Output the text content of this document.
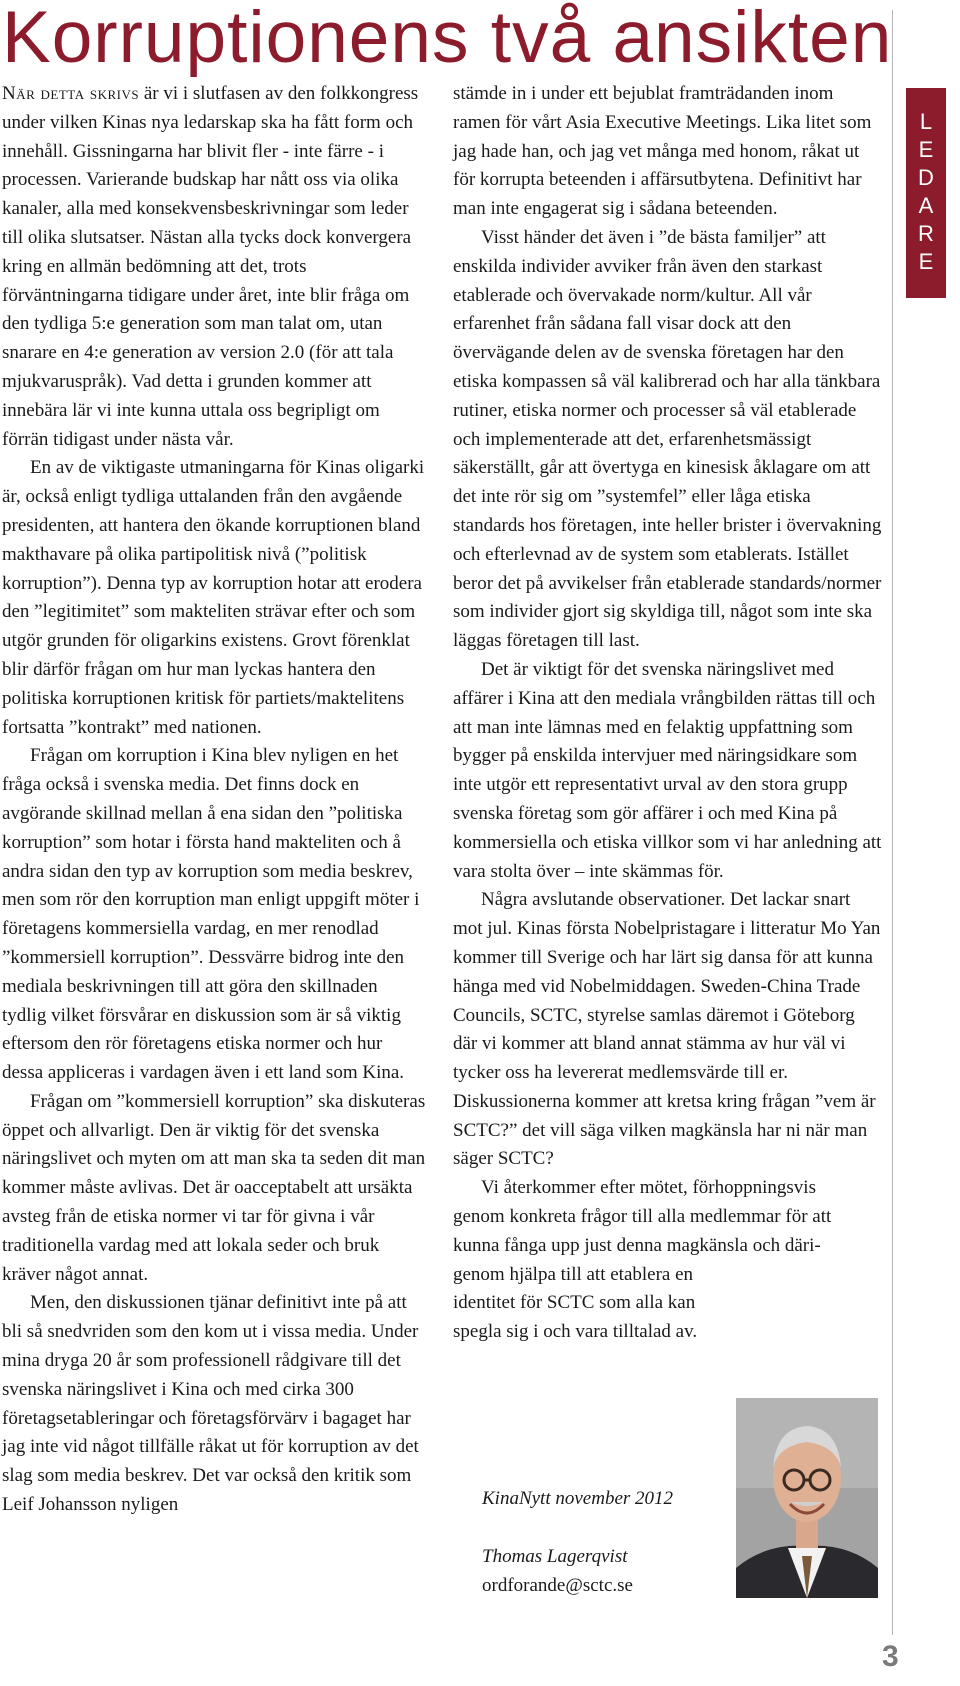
Korruptionens två ansikten

När detta skrivs är vi i slutfasen av den folkkongress under vilken Kinas nya ledarskap ska ha fått form och innehåll. Gissningarna har blivit fler - inte färre - i processen. Varierande budskap har nått oss via olika kanaler, alla med konsekvensbeskrivningar som leder till olika slutsatser. Nästan alla tycks dock konvergera kring en allmän bedömning att det, trots förväntningarna tidigare under året, inte blir fråga om den tydliga 5:e generation som man talat om, utan snarare en 4:e generation av version 2.0 (för att tala mjukvaruspråk). Vad detta i grunden kommer att innebära lär vi inte kunna uttala oss begripligt om förrän tidigast under nästa vår.

En av de viktigaste utmaningarna för Kinas oligarki är, också enligt tydliga uttalanden från den avgående presidenten, att hantera den ökande korruptionen bland makthavare på olika partipolitisk nivå (”politisk korruption”). Denna typ av korruption hotar att erodera den ”legitimitet” som makteliten strävar efter och som utgör grunden för oligarkins existens. Grovt förenklat blir därför frågan om hur man lyckas hantera den politiska korruptionen kritisk för partiets/maktelitens fortsatta ”kontrakt” med nationen.

Frågan om korruption i Kina blev nyligen en het fråga också i svenska media. Det finns dock en avgörande skillnad mellan å ena sidan den ”politiska korruption” som hotar i första hand makteliten och å andra sidan den typ av korruption som media beskrev, men som rör den korruption man enligt uppgift möter i företagens kommersiella vardag, en mer renodlad ”kommersiell korruption”. Dessvärre bidrog inte den mediala beskrivningen till att göra den skillnaden tydlig vilket försvårar en diskussion som är så viktig eftersom den rör företagens etiska normer och hur dessa appliceras i vardagen även i ett land som Kina.

Frågan om ”kommersiell korruption” ska diskuteras öppet och allvarligt. Den är viktig för det svenska näringslivet och myten om att man ska ta seden dit man kommer måste avlivas. Det är oacceptabelt att ursäkta avsteg från de etiska normer vi tar för givna i vår traditionella vardag med att lokala seder och bruk kräver något annat.

Men, den diskussionen tjänar definitivt inte på att bli så snedvriden som den kom ut i vissa media. Under mina dryga 20 år som professionell rådgivare till det svenska näringslivet i Kina och med cirka 300 företagsetableringar och företagsförvärv i bagaget har jag inte vid något tillfälle råkat ut för korruption av det slag som media beskrev. Det var också den kritik som Leif Johansson nyligen

stämde in i under ett bejublat framträdanden inom ramen för vårt Asia Executive Meetings. Lika litet som jag hade han, och jag vet många med honom, råkat ut för korrupta beteenden i affärsutbytena. Definitivt har man inte engagerat sig i sådana beteenden.

Visst händer det även i ”de bästa familjer” att enskilda individer avviker från även den starkast etablerade och övervakade norm/kultur. All vår erfarenhet från sådana fall visar dock att den övervägande delen av de svenska företagen har den etiska kompassen så väl kalibrerad och har alla tänkbara rutiner, etiska normer och processer så väl etablerade och implementerade att det, erfarenhetsmässigt säkerställt, går att övertyga en kinesisk åklagare om att det inte rör sig om ”systemfel” eller låga etiska standards hos företagen, inte heller brister i övervakning och efterlevnad av de system som etablerats. Istället beror det på avvikelser från etablerade standards/normer som individer gjort sig skyldiga till, något som inte ska läggas företagen till last.

Det är viktigt för det svenska näringslivet med affärer i Kina att den mediala vrångbilden rättas till och att man inte lämnas med en felaktig uppfattning som bygger på enskilda intervjuer med näringsidkare som inte utgör ett representativt urval av den stora grupp svenska företag som gör affärer i och med Kina på kommersiella och etiska villkor som vi har anledning att vara stolta över – inte skämmas för.

Några avslutande observationer. Det lackar snart mot jul. Kinas första Nobelpristagare i litteratur Mo Yan kommer till Sverige och har lärt sig dansa för att kunna hänga med vid Nobelmiddagen. Sweden-China Trade Councils, SCTC, styrelse samlas däremot i Göteborg där vi kommer att bland annat stämma av hur väl vi tycker oss ha levererat medlemsvärde till er. Diskussionerna kommer att kretsa kring frågan ”vem är SCTC?” det vill säga vilken magkänsla har ni när man säger SCTC?

Vi återkommer efter mötet, förhoppningsvis
genom konkreta frågor till alla medlemmar för att
kunna fånga upp just denna magkänsla och däri-
genom hjälpa till att etablera en
identitet för SCTC som alla kan
spegla sig i och vara tilltalad av.
L
E
D
A
R
E
KinaNytt november 2012
Thomas Lagerqvist
ordforande@sctc.se
3
